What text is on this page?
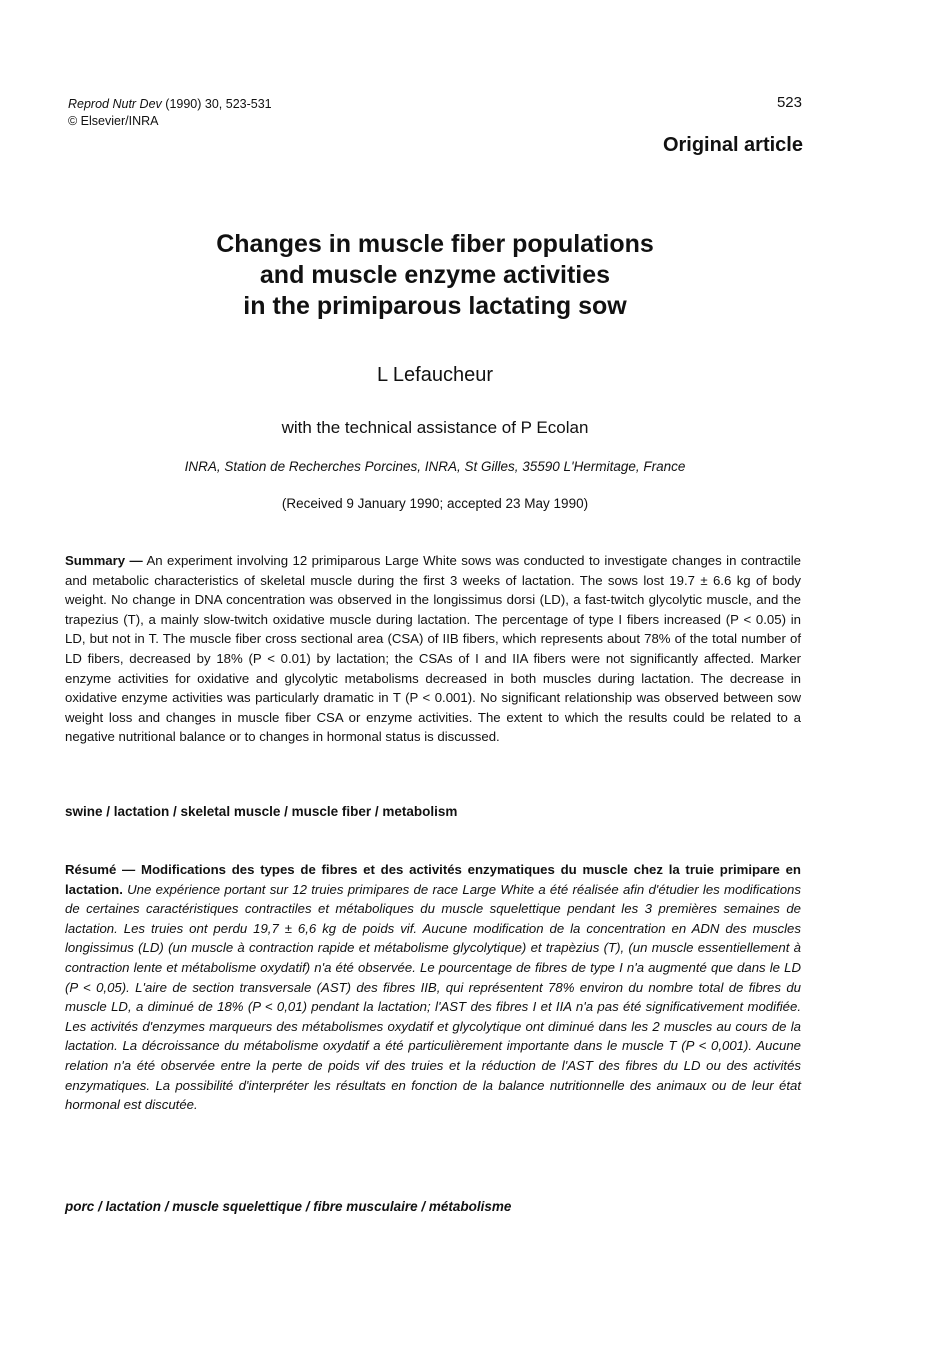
Reprod Nutr Dev (1990) 30, 523-531
© Elsevier/INRA
523
Original article
Changes in muscle fiber populations
and muscle enzyme activities
in the primiparous lactating sow
L Lefaucheur
with the technical assistance of P Ecolan
INRA, Station de Recherches Porcines, INRA, St Gilles, 35590 L'Hermitage, France
(Received 9 January 1990; accepted 23 May 1990)
Summary — An experiment involving 12 primiparous Large White sows was conducted to investigate changes in contractile and metabolic characteristics of skeletal muscle during the first 3 weeks of lactation. The sows lost 19.7 ± 6.6 kg of body weight. No change in DNA concentration was observed in the longissimus dorsi (LD), a fast-twitch glycolytic muscle, and the trapezius (T), a mainly slow-twitch oxidative muscle during lactation. The percentage of type I fibers increased (P < 0.05) in LD, but not in T. The muscle fiber cross sectional area (CSA) of IIB fibers, which represents about 78% of the total number of LD fibers, decreased by 18% (P < 0.01) by lactation; the CSAs of I and IIA fibers were not significantly affected. Marker enzyme activities for oxidative and glycolytic metabolisms decreased in both muscles during lactation. The decrease in oxidative enzyme activities was particularly dramatic in T (P < 0.001). No significant relationship was observed between sow weight loss and changes in muscle fiber CSA or enzyme activities. The extent to which the results could be related to a negative nutritional balance or to changes in hormonal status is discussed.
swine / lactation / skeletal muscle / muscle fiber / metabolism
Résumé — Modifications des types de fibres et des activités enzymatiques du muscle chez la truie primipare en lactation. Une expérience portant sur 12 truies primipares de race Large White a été réalisée afin d'étudier les modifications de certaines caractéristiques contractiles et métaboliques du muscle squelettique pendant les 3 premières semaines de lactation. Les truies ont perdu 19,7 ± 6,6 kg de poids vif. Aucune modification de la concentration en ADN des muscles longissimus (LD) (un muscle à contraction rapide et métabolisme glycolytique) et trapèzius (T), (un muscle essentiellement à contraction lente et métabolisme oxydatif) n'a été observée. Le pourcentage de fibres de type I n'a augmenté que dans le LD (P < 0,05). L'aire de section transversale (AST) des fibres IIB, qui représentent 78% environ du nombre total de fibres du muscle LD, a diminué de 18% (P < 0,01) pendant la lactation; l'AST des fibres I et IIA n'a pas été significativement modifiée. Les activités d'enzymes marqueurs des métabolismes oxydatif et glycolytique ont diminué dans les 2 muscles au cours de la lactation. La décroissance du métabolisme oxydatif a été particulièrement importante dans le muscle T (P < 0,001). Aucune relation n'a été observée entre la perte de poids vif des truies et la réduction de l'AST des fibres du LD ou des activités enzymatiques. La possibilité d'interpréter les résultats en fonction de la balance nutritionnelle des animaux ou de leur état hormonal est discutée.
porc / lactation / muscle squelettique / fibre musculaire / métabolisme
